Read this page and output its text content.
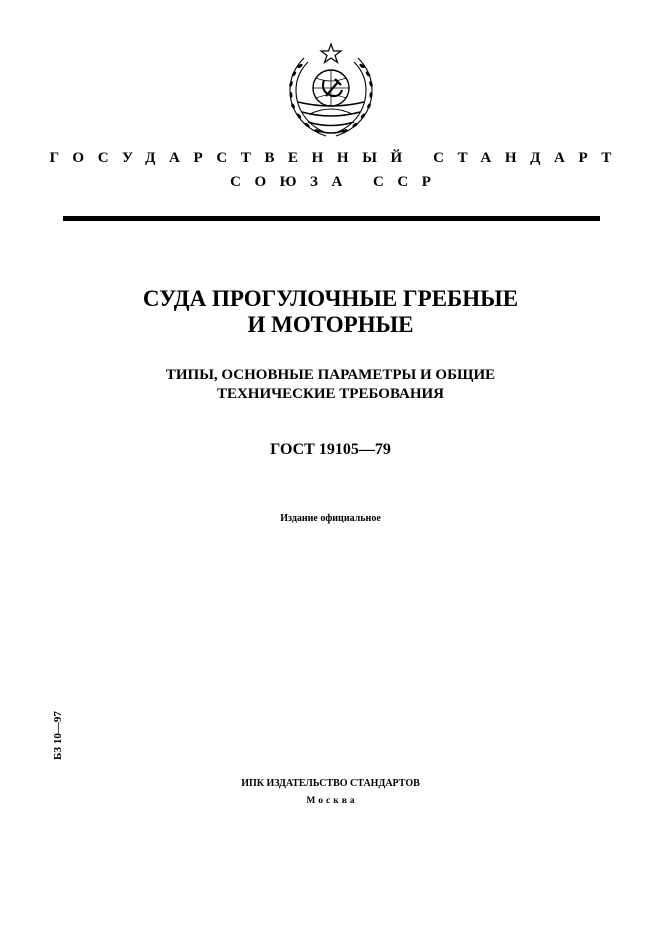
ГОСУДАРСТВЕННЫЙ СТАНДАРТ
СОЮЗА ССР
СУДА ПРОГУЛОЧНЫЕ ГРЕБНЫЕ
И МОТОРНЫЕ
ТИПЫ, ОСНОВНЫЕ ПАРАМЕТРЫ И ОБЩИЕ
ТЕХНИЧЕСКИЕ ТРЕБОВАНИЯ
ГОСТ 19105—79
Издание официальное
БЗ 10—97
ИПК ИЗДАТЕЛЬСТВО СТАНДАРТОВ
Москва
